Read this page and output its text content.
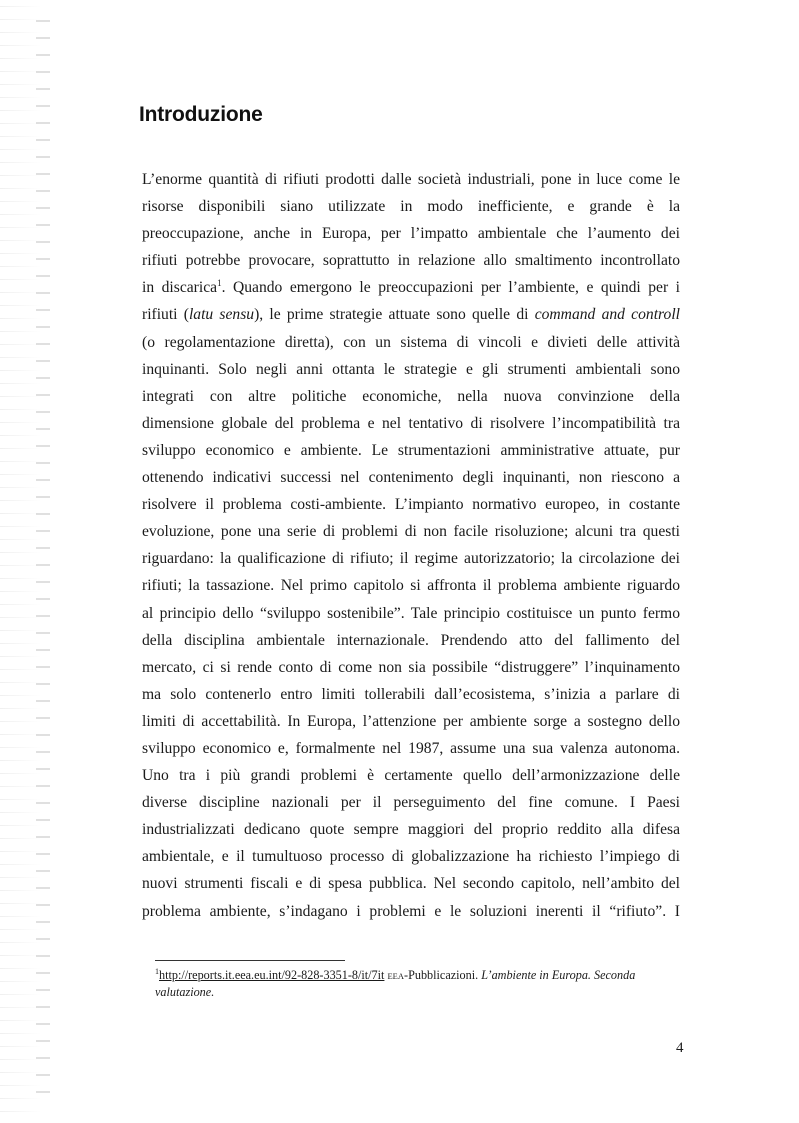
Introduzione
L’enorme quantità di rifiuti prodotti dalle società industriali, pone in luce come le
risorse disponibili siano utilizzate in modo inefficiente, e grande è la
preoccupazione, anche in Europa, per l’impatto ambientale che l’aumento dei
rifiuti potrebbe provocare, soprattutto in relazione allo smaltimento incontrollato
in discarica$^1$. Quando emergono le preoccupazioni per l’ambiente, e quindi per i
rifiuti (latu sensu), le prime strategie attuate sono quelle di command and controll
(o regolamentazione diretta), con un sistema di vincoli e divieti delle attività
inquinanti. Solo negli anni ottanta le strategie e gli strumenti ambientali sono
integrati con altre politiche economiche, nella nuova convinzione della
dimensione globale del problema e nel tentativo di risolvere l’incompatibilità tra
sviluppo economico e ambiente. Le strumentazioni amministrative attuate, pur
ottenendo indicativi successi nel contenimento degli inquinanti, non riescono a
risolvere il problema costi-ambiente. L’impianto normativo europeo, in costante
evoluzione, pone una serie di problemi di non facile risoluzione; alcuni tra questi
riguardano: la qualificazione di rifiuto; il regime autorizzatorio; la circolazione dei
rifiuti; la tassazione. Nel primo capitolo si affronta il problema ambiente riguardo
al principio dello “sviluppo sostenibile”. Tale principio costituisce un punto fermo
della disciplina ambientale internazionale. Prendendo atto del fallimento del
mercato, ci si rende conto di come non sia possibile “distruggere” l’inquinamento
ma solo contenerlo entro limiti tollerabili dall’ecosistema, s’inizia a parlare di
limiti di accettabilità. In Europa, l’attenzione per ambiente sorge a sostegno dello
sviluppo economico e, formalmente nel 1987, assume una sua valenza autonoma.
Uno tra i più grandi problemi è certamente quello dell’armonizzazione delle
diverse discipline nazionali per il perseguimento del fine comune. I Paesi
industrializzati dedicano quote sempre maggiori del proprio reddito alla difesa
ambientale, e il tumultuoso processo di globalizzazione ha richiesto l’impiego di
nuovi strumenti fiscali e di spesa pubblica. Nel secondo capitolo, nell’ambito del
problema ambiente, s’indagano i problemi e le soluzioni inerenti il “rifiuto”. I
$^1$http://reports.it.eea.eu.int/92-828-3351-8/it/7it EEA-Pubblicazioni. L’ambiente in Europa. Seconda valutazione.
4
